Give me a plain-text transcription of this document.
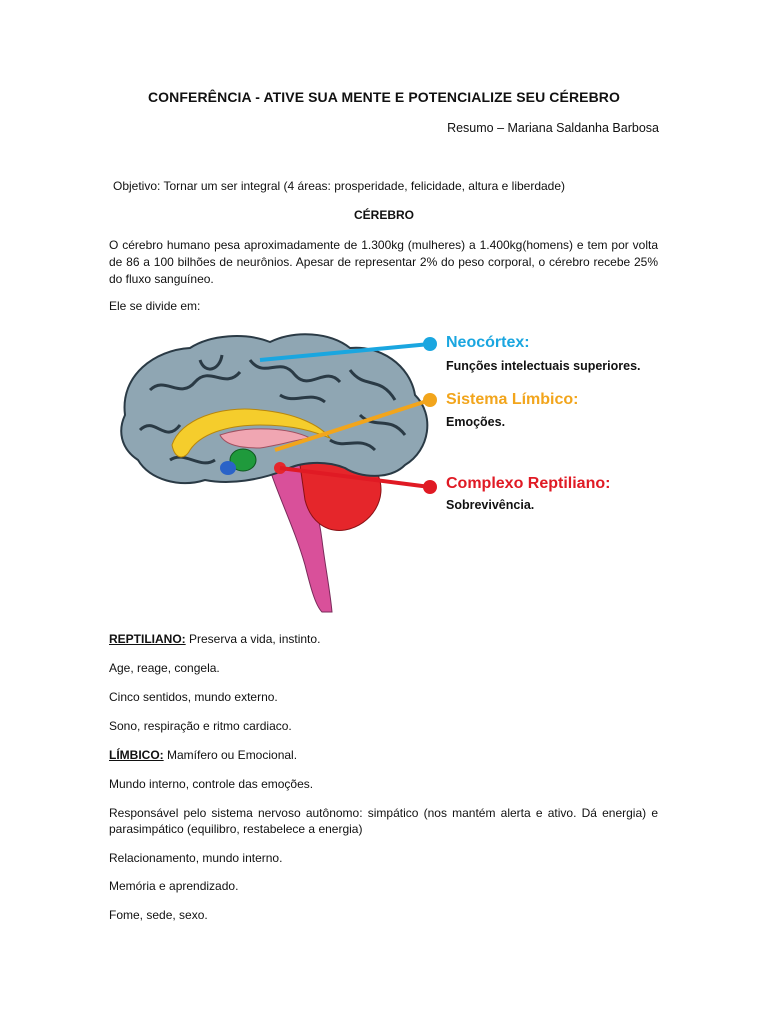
CONFERÊNCIA - ATIVE SUA MENTE E POTENCIALIZE SEU CÉREBRO
Resumo – Mariana Saldanha Barbosa
Objetivo: Tornar um ser integral (4 áreas: prosperidade, felicidade, altura e liberdade)
CÉREBRO
O cérebro humano pesa aproximadamente de 1.300kg (mulheres) a 1.400kg(homens) e tem por volta de 86 a 100 bilhões de neurônios. Apesar de representar 2% do peso corporal, o cérebro recebe 25% do fluxo sanguíneo.
Ele se divide em:
Neocórtex:
Funções intelectuais superiores.
Sistema Límbico:
Emoções.
Complexo Reptiliano:
Sobrevivência.
REPTILIANO: Preserva a vida, instinto.
Age, reage, congela.
Cinco sentidos, mundo externo.
Sono, respiração e ritmo cardiaco.
LÍMBICO: Mamífero ou Emocional.
Mundo interno, controle das emoções.
Responsável pelo sistema nervoso autônomo: simpático (nos mantém alerta e ativo. Dá energia) e parasimpático (equilibro, restabelece a energia)
Relacionamento, mundo interno.
Memória e aprendizado.
Fome, sede, sexo.
